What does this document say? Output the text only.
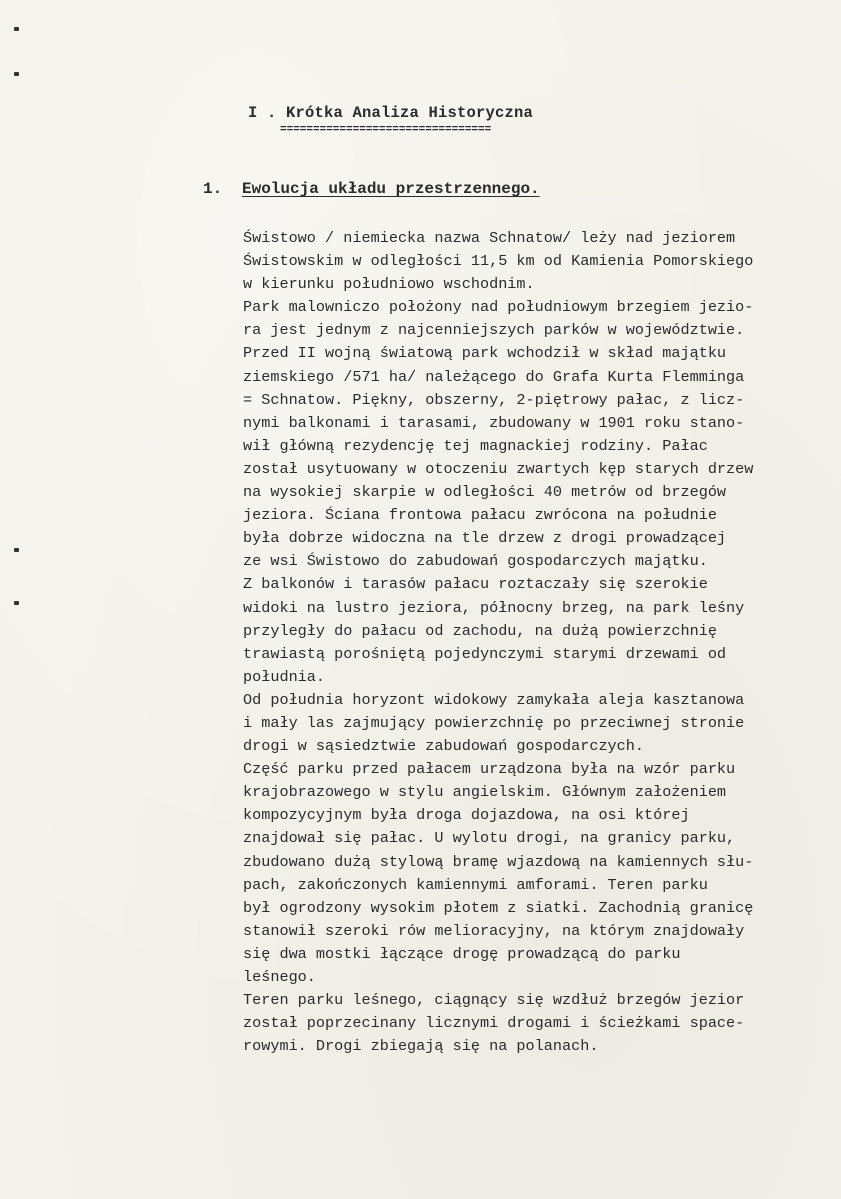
I . Krótka Analiza Historyczna
================================
1. Ewolucja układu przestrzennego.
Świstowo / niemiecka nazwa Schnatow/ leży nad jeziorem
Świstowskim w odległości 11,5 km od Kamienia Pomorskiego
w kierunku południowo wschodnim.
Park malowniczo położony nad południowym brzegiem jezio-
ra jest jednym z najcenniejszych parków w województwie.
Przed II wojną światową park wchodził w skład majątku
ziemskiego /571 ha/ należącego do Grafa Kurta Flemminga
= Schnatow. Piękny, obszerny, 2-piętrowy pałac, z licz-
nymi balkonami i tarasami, zbudowany w 1901 roku stano-
wił główną rezydencję tej magnackiej rodziny. Pałac
został usytuowany w otoczeniu zwartych kęp starych drzew
na wysokiej skarpie w odległości 40 metrów od brzegów
jeziora. Ściana frontowa pałacu zwrócona na południe
była dobrze widoczna na tle drzew z drogi prowadzącej
ze wsi Świstowo do zabudowań gospodarczych majątku.
Z balkonów i tarasów pałacu roztaczały się szerokie
widoki na lustro jeziora, północny brzeg, na park leśny
przyległy do pałacu od zachodu, na dużą powierzchnię
trawiastą porośniętą pojedynczymi starymi drzewami od
południa.
Od południa horyzont widokowy zamykała aleja kasztanowa
i mały las zajmujący powierzchnię po przeciwnej stronie
drogi w sąsiedztwie zabudowań gospodarczych.
Część parku przed pałacem urządzona była na wzór parku
krajobrazowego w stylu angielskim. Głównym założeniem
kompozycyjnym była droga dojazdowa, na osi której
znajdował się pałac. U wylotu drogi, na granicy parku,
zbudowano dużą stylową bramę wjazdową na kamiennych słu-
pach, zakończonych kamiennymi amforami. Teren parku
był ogrodzony wysokim płotem z siatki. Zachodnią granicę
stanowił szeroki rów melioracyjny, na którym znajdowały
się dwa mostki łączące drogę prowadzącą do parku
leśnego.
Teren parku leśnego, ciągnący się wzdłuż brzegów jezior
został poprzecinany licznymi drogami i ścieżkami space-
rowymi. Drogi zbiegają się na polanach.
